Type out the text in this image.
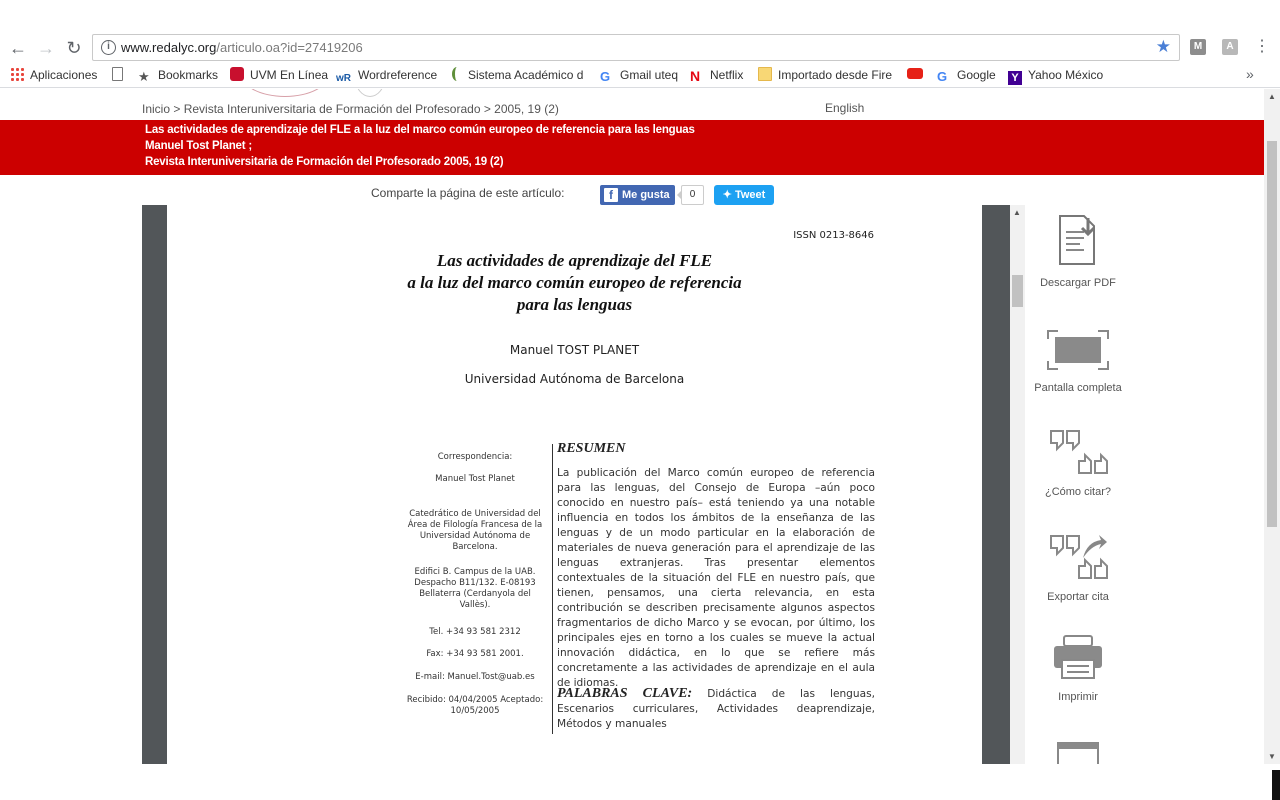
← → ↻	i www.redalyc.org/articulo.oa?id=27419206	★	M	A ⋮
Aplicaciones	★ Bookmarks	UVM En Línea wR Wordreference	Sistema Académico d G Gmail uteq N Netflix	Importado desde Fire	G Google	Y Yahoo México	»
Inicio > Revista Interuniversitaria de Formación del Profesorado > 2005, 19 (2)	English
Las actividades de aprendizaje del FLE a la luz del marco común europeo de referencia para las lenguas
Manuel Tost Planet ;
Revista Interuniversitaria de Formación del Profesorado 2005, 19 (2)
Comparte la página de este artículo:	f Me gusta	0	✦ Tweet
ISSN 0213-8646
Las actividades de aprendizaje del FLE
a la luz del marco común europeo de referencia
para las lenguas
Manuel TOST PLANET
Universidad Autónoma de Barcelona
Correspondencia:
Manuel Tost Planet
Catedrático de Universidad del Área de Filología Francesa de la Universidad Autónoma de Barcelona.
Edifici B. Campus de la UAB. Despacho B11/132. E-08193 Bellaterra (Cerdanyola del Vallès).
Tel. +34 93 581 2312
Fax: +34 93 581 2001.
E-mail: Manuel.Tost@uab.es
Recibido: 04/04/2005 Aceptado: 10/05/2005
RESUMEN
La publicación del Marco común europeo de referencia para las lenguas, del Consejo de Europa –aún poco conocido en nuestro país– está teniendo ya una notable influencia en todos los ámbitos de la enseñanza de las lenguas y de un modo particular en la elaboración de materiales de nueva generación para el aprendizaje de las lenguas extranjeras. Tras presentar elementos contextuales de la situación del FLE en nuestro país, que tienen, pensamos, una cierta relevancia, en esta contribución se describen precisamente algunos aspectos fragmentarios de dicho Marco y se evocan, por último, los principales ejes en torno a los cuales se mueve la actual innovación didáctica, en lo que se refiere más concretamente a las actividades de aprendizaje en el aula de idiomas.
PALABRAS CLAVE: Didáctica de las lenguas, Escenarios curriculares, Actividades deaprendizaje, Métodos y manuales
▲
Descargar PDF
Pantalla completa
¿Cómo citar?
Exportar cita
Imprimir
▲
▼
